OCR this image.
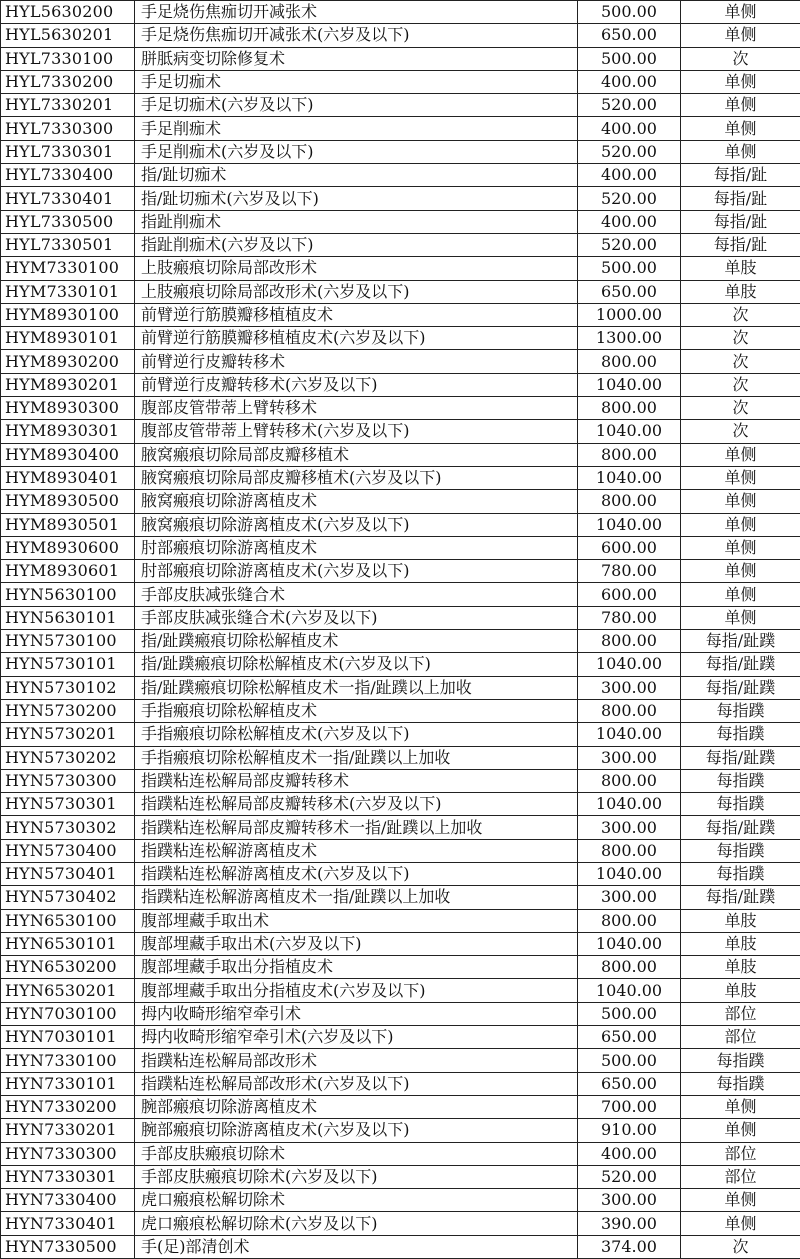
HYL5630200	手足烧伤焦痂切开减张术	500.00	单侧
HYL5630201	手足烧伤焦痂切开减张术(六岁及以下)	650.00	单侧
HYL7330100	胼胝病变切除修复术	500.00	次
HYL7330200	手足切痂术	400.00	单侧
HYL7330201	手足切痂术(六岁及以下)	520.00	单侧
HYL7330300	手足削痂术	400.00	单侧
HYL7330301	手足削痂术(六岁及以下)	520.00	单侧
HYL7330400	指/趾切痂术	400.00	每指/趾
HYL7330401	指/趾切痂术(六岁及以下)	520.00	每指/趾
HYL7330500	指趾削痂术	400.00	每指/趾
HYL7330501	指趾削痂术(六岁及以下)	520.00	每指/趾
HYM7330100	上肢瘢痕切除局部改形术	500.00	单肢
HYM7330101	上肢瘢痕切除局部改形术(六岁及以下)	650.00	单肢
HYM8930100	前臂逆行筋膜瓣移植植皮术	1000.00	次
HYM8930101	前臂逆行筋膜瓣移植植皮术(六岁及以下)	1300.00	次
HYM8930200	前臂逆行皮瓣转移术	800.00	次
HYM8930201	前臂逆行皮瓣转移术(六岁及以下)	1040.00	次
HYM8930300	腹部皮管带蒂上臂转移术	800.00	次
HYM8930301	腹部皮管带蒂上臂转移术(六岁及以下)	1040.00	次
HYM8930400	腋窝瘢痕切除局部皮瓣移植术	800.00	单侧
HYM8930401	腋窝瘢痕切除局部皮瓣移植术(六岁及以下)	1040.00	单侧
HYM8930500	腋窝瘢痕切除游离植皮术	800.00	单侧
HYM8930501	腋窝瘢痕切除游离植皮术(六岁及以下)	1040.00	单侧
HYM8930600	肘部瘢痕切除游离植皮术	600.00	单侧
HYM8930601	肘部瘢痕切除游离植皮术(六岁及以下)	780.00	单侧
HYN5630100	手部皮肤减张缝合术	600.00	单侧
HYN5630101	手部皮肤减张缝合术(六岁及以下)	780.00	单侧
HYN5730100	指/趾蹼瘢痕切除松解植皮术	800.00	每指/趾蹼
HYN5730101	指/趾蹼瘢痕切除松解植皮术(六岁及以下)	1040.00	每指/趾蹼
HYN5730102	指/趾蹼瘢痕切除松解植皮术一指/趾蹼以上加收	300.00	每指/趾蹼
HYN5730200	手指瘢痕切除松解植皮术	800.00	每指蹼
HYN5730201	手指瘢痕切除松解植皮术(六岁及以下)	1040.00	每指蹼
HYN5730202	手指瘢痕切除松解植皮术一指/趾蹼以上加收	300.00	每指/趾蹼
HYN5730300	指蹼粘连松解局部皮瓣转移术	800.00	每指蹼
HYN5730301	指蹼粘连松解局部皮瓣转移术(六岁及以下)	1040.00	每指蹼
HYN5730302	指蹼粘连松解局部皮瓣转移术一指/趾蹼以上加收	300.00	每指/趾蹼
HYN5730400	指蹼粘连松解游离植皮术	800.00	每指蹼
HYN5730401	指蹼粘连松解游离植皮术(六岁及以下)	1040.00	每指蹼
HYN5730402	指蹼粘连松解游离植皮术一指/趾蹼以上加收	300.00	每指/趾蹼
HYN6530100	腹部埋藏手取出术	800.00	单肢
HYN6530101	腹部埋藏手取出术(六岁及以下)	1040.00	单肢
HYN6530200	腹部埋藏手取出分指植皮术	800.00	单肢
HYN6530201	腹部埋藏手取出分指植皮术(六岁及以下)	1040.00	单肢
HYN7030100	拇内收畸形缩窄牵引术	500.00	部位
HYN7030101	拇内收畸形缩窄牵引术(六岁及以下)	650.00	部位
HYN7330100	指蹼粘连松解局部改形术	500.00	每指蹼
HYN7330101	指蹼粘连松解局部改形术(六岁及以下)	650.00	每指蹼
HYN7330200	腕部瘢痕切除游离植皮术	700.00	单侧
HYN7330201	腕部瘢痕切除游离植皮术(六岁及以下)	910.00	单侧
HYN7330300	手部皮肤瘢痕切除术	400.00	部位
HYN7330301	手部皮肤瘢痕切除术(六岁及以下)	520.00	部位
HYN7330400	虎口瘢痕松解切除术	300.00	单侧
HYN7330401	虎口瘢痕松解切除术(六岁及以下)	390.00	单侧
HYN7330500	手(足)部清创术	374.00	次
